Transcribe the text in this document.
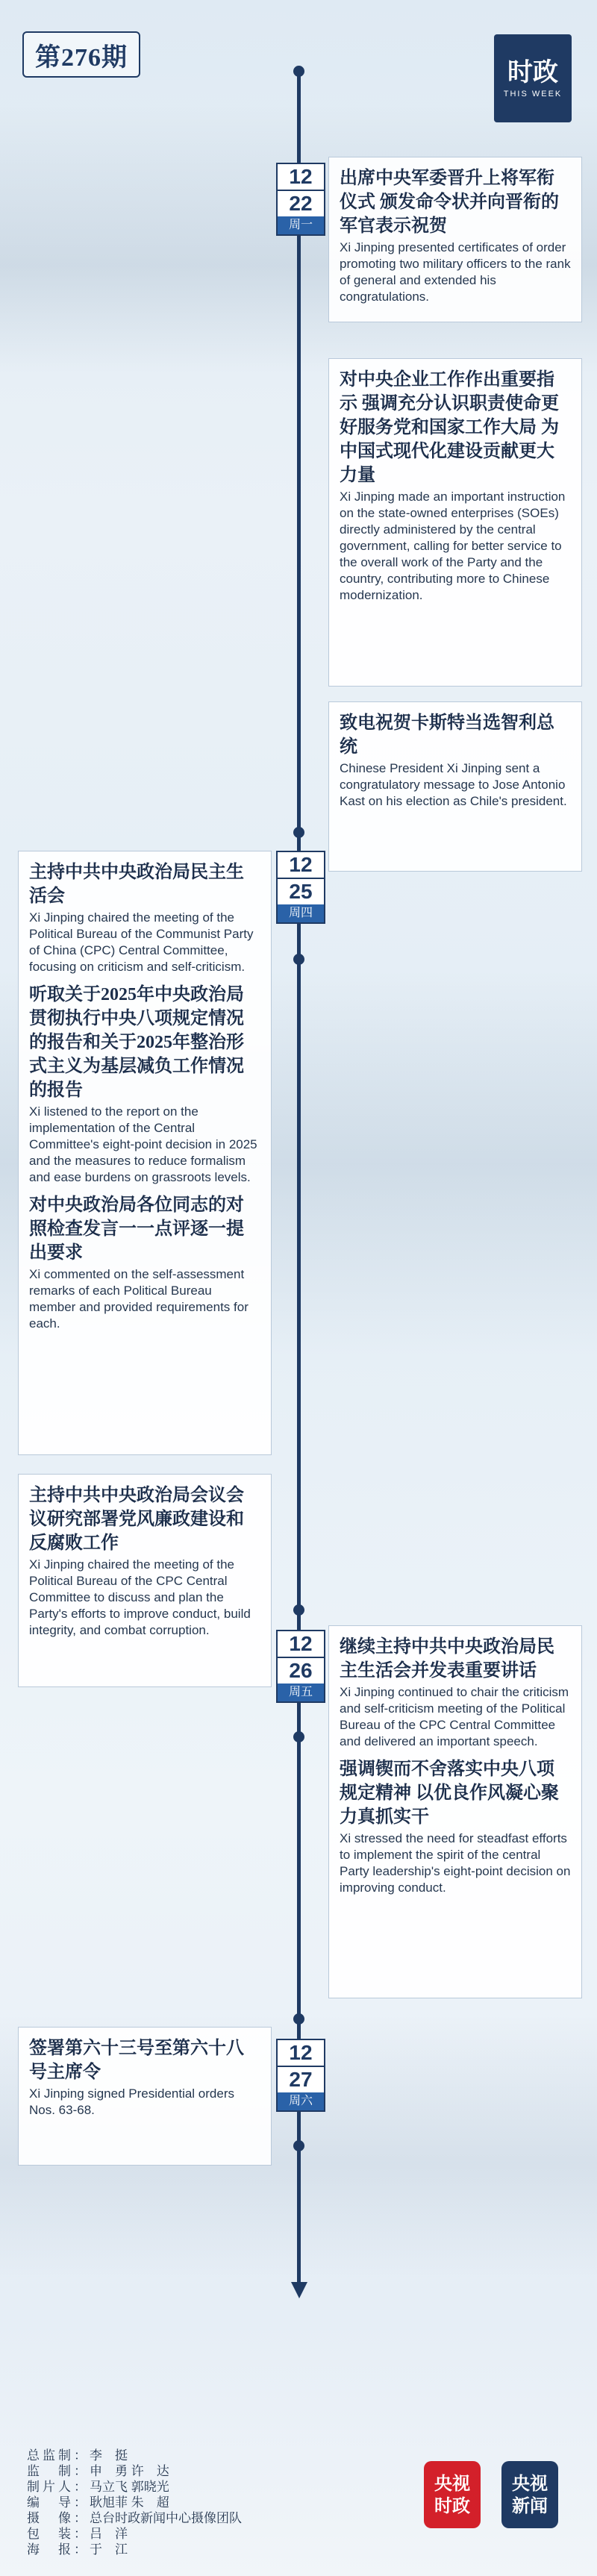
第276期	时政
THIS WEEK
12
22
周一
12
25
周四
12
26
周五
12
27
周六

出席中央军委晋升上将军衔仪式 颁发命令状并向晋衔的军官表示祝贺

Xi Jinping presented certificates of order promoting two military officers to the rank of general and extended his congratulations.

对中央企业工作作出重要指示 强调充分认识职责使命更好服务党和国家工作大局 为中国式现代化建设贡献更大力量

Xi Jinping made an important instruction on the state-owned enterprises (SOEs) directly administered by the central government, calling for better service to the overall work of the Party and the country, contributing more to Chinese modernization.

致电祝贺卡斯特当选智利总统

Chinese President Xi Jinping sent a congratulatory message to Jose Antonio Kast on his election as Chile's president.

主持中共中央政治局民主生活会

Xi Jinping chaired the meeting of the Political Bureau of the Communist Party of China (CPC) Central Committee, focusing on criticism and self-criticism.

听取关于2025年中央政治局贯彻执行中央八项规定情况的报告和关于2025年整治形式主义为基层减负工作情况的报告

Xi listened to the report on the implementation of the Central Committee's eight-point decision in 2025 and the measures to reduce formalism and ease burdens on grassroots levels.

对中央政治局各位同志的对照检查发言一一点评逐一提出要求

Xi commented on the self-assessment remarks of each Political Bureau member and provided requirements for each.

主持中共中央政治局会议会议研究部署党风廉政建设和反腐败工作

Xi Jinping chaired the meeting of the Political Bureau of the CPC Central Committee to discuss and plan the Party's efforts to improve conduct, build integrity, and combat corruption.

继续主持中共中央政治局民主生活会并发表重要讲话

Xi Jinping continued to chair the criticism and self-criticism meeting of the Political Bureau of the CPC Central Committee and delivered an important speech.

强调锲而不舍落实中央八项规定精神 以优良作风凝心聚力真抓实干

Xi stressed the need for steadfast efforts to implement the spirit of the central Party leadership's eight-point decision on improving conduct.

签署第六十三号至第六十八号主席令

Xi Jinping signed Presidential orders Nos. 63-68.

总监制： 李　挺
监　制： 申　勇 许　达
制片人： 马立飞 郭晓光
编　导： 耿旭菲 朱　超
摄　像： 总台时政新闻中心摄像团队
包　装： 吕　洋
海　报： 于　江
央视
时政
央视
新闻
